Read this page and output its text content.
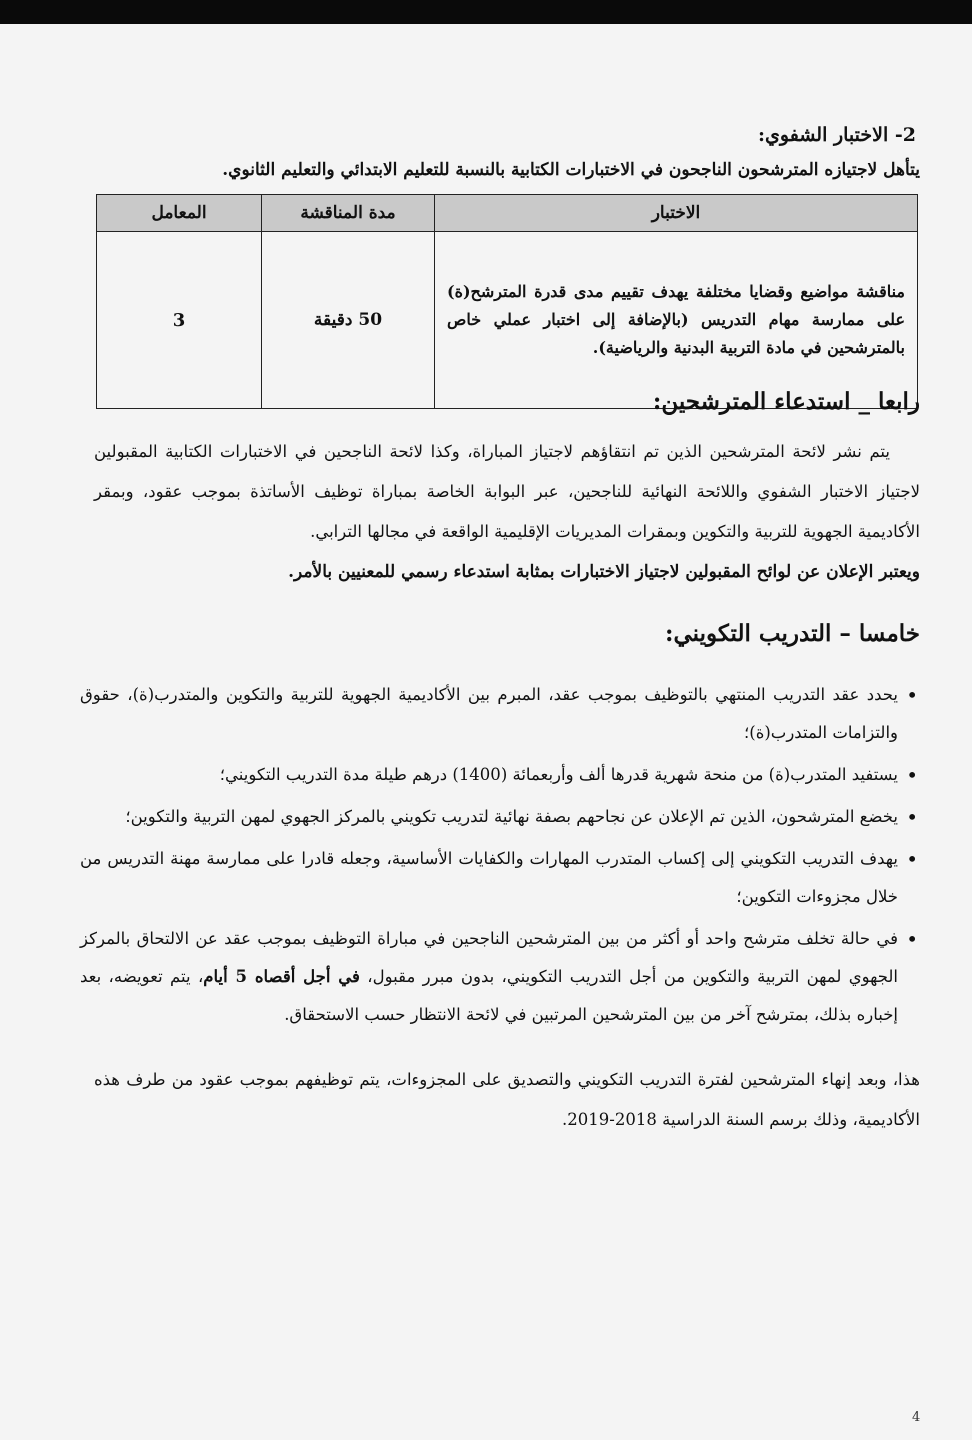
2- الاختبار الشفوي:
يتأهل لاجتيازه المترشحون الناجحون في الاختبارات الكتابية بالنسبة للتعليم الابتدائي والتعليم الثانوي.
الاختبار	مدة المناقشة	المعامل
مناقشة مواضيع وقضايا مختلفة يهدف تقييم مدى قدرة المترشح(ة) على ممارسة مهام التدريس (بالإضافة إلى اختبار عملي خاص بالمترشحين في مادة التربية البدنية والرياضية).	50 دقيقة	3
رابعا _ استدعاء المترشحين:
يتم نشر لائحة المترشحين الذين تم انتقاؤهم لاجتياز المباراة، وكذا لائحة الناجحين في الاختبارات الكتابية المقبولين لاجتياز الاختبار الشفوي واللائحة النهائية للناجحين، عبر البوابة الخاصة بمباراة توظيف الأساتذة بموجب عقود، وبمقر الأكاديمية الجهوية للتربية والتكوين وبمقرات المديريات الإقليمية الواقعة في مجالها الترابي.
ويعتبر الإعلان عن لوائح المقبولين لاجتياز الاختبارات بمثابة استدعاء رسمي للمعنيين بالأمر.
خامسا – التدريب التكويني:
• يحدد عقد التدريب المنتهي بالتوظيف بموجب عقد، المبرم بين الأكاديمية الجهوية للتربية والتكوين والمتدرب(ة)، حقوق والتزامات المتدرب(ة)؛
• يستفيد المتدرب(ة) من منحة شهرية قدرها ألف وأربعمائة (1400) درهم طيلة مدة التدريب التكويني؛
• يخضع المترشحون، الذين تم الإعلان عن نجاحهم بصفة نهائية لتدريب تكويني بالمركز الجهوي لمهن التربية والتكوين؛
• يهدف التدريب التكويني إلى إكساب المتدرب المهارات والكفايات الأساسية، وجعله قادرا على ممارسة مهنة التدريس من خلال مجزوءات التكوين؛
• في حالة تخلف مترشح واحد أو أكثر من بين المترشحين الناجحين في مباراة التوظيف بموجب عقد عن الالتحاق بالمركز الجهوي لمهن التربية والتكوين من أجل التدريب التكويني، بدون مبرر مقبول، في أجل أقصاه 5 أيام، يتم تعويضه، بعد إخباره بذلك، بمترشح آخر من بين المترشحين المرتبين في لائحة الانتظار حسب الاستحقاق.
هذا، وبعد إنهاء المترشحين لفترة التدريب التكويني والتصديق على المجزوءات، يتم توظيفهم بموجب عقود من طرف هذه الأكاديمية، وذلك برسم السنة الدراسية 2018-2019.
4
